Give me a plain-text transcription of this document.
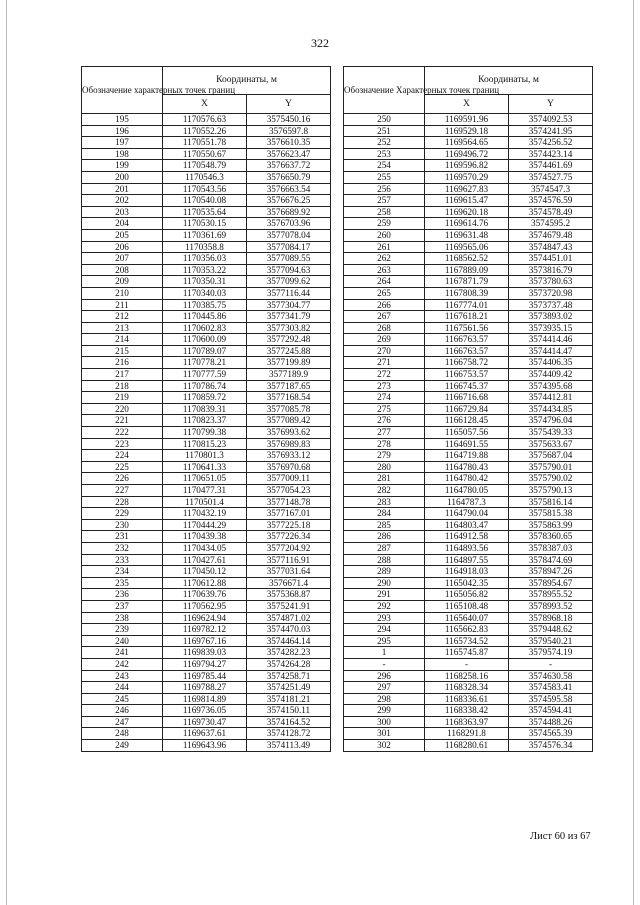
322
Обозначение характерных точек границ	Координаты, м	
	X	Y
195	1170576.63	3575450.16
196	1170552.26	3576597.8
197	1170551.78	3576610.35
198	1170550.67	3576623.47
199	1170548.79	3576637.72
200	1170546.3	3576650.79
201	1170543.56	3576663.54
202	1170540.08	3576676.25
203	1170535.64	3576689.92
204	1170530.15	3576703.96
205	1170361.69	3577078.04
206	1170358.8	3577084.17
207	1170356.03	3577089.55
208	1170353.22	3577094.63
209	1170350.31	3577099.62
210	1170340.03	3577116.44
211	1170385.75	3577304.77
212	1170445.86	3577341.79
213	1170602.83	3577303.82
214	1170600.09	3577292.48
215	1170789.07	3577245.88
216	1170778.21	3577199.89
217	1170777.59	3577189.9
218	1170786.74	3577187.65
219	1170859.72	3577168.54
220	1170839.31	3577085.78
221	1170823.37	3577089.42
222	1170799.38	3576993.62
223	1170815.23	3576989.83
224	1170801.3	3576933.12
225	1170641.33	3576970.68
226	1170651.05	3577009.11
227	1170477.31	3577054.23
228	1170501.4	3577148.78
229	1170432.19	3577167.01
230	1170444.29	3577225.18
231	1170439.38	3577226.34
232	1170434.05	3577204.92
233	1170427.61	3577116.91
234	1170450.12	3577031.64
235	1170612.88	3576671.4
236	1170639.76	3575368.87
237	1170562.95	3575241.91
238	1169624.94	3574871.02
239	1169782.12	3574470.03
240	1169767.16	3574464.14
241	1169839.03	3574282.23
242	1169794.27	3574264.28
243	1169785.44	3574258.71
244	1169788.27	3574251.49
245	1169814.89	3574181.21
246	1169736.05	3574150.11
247	1169730.47	3574164.52
248	1169637.61	3574128.72
249	1169643.96	3574113.49
Обозначение Характерных точек границ	Координаты, м	
	X	Y
250	1169591.96	3574092.53
251	1169529.18	3574241.95
252	1169564.65	3574256.52
253	1169496.72	3574423.14
254	1169596.82	3574461.69
255	1169570.29	3574527.75
256	1169627.83	3574547.3
257	1169615.47	3574576.59
258	1169620.18	3574578.49
259	1169614.76	3574595.2
260	1169631.48	3574679.48
261	1169565.06	3574847.43
262	1168562.52	3574451.01
263	1167889.09	3573816.79
264	1167871.79	3573780.63
265	1167808.39	3573720.98
266	1167774.01	3573737.48
267	1167618.21	3573893.02
268	1167561.56	3573935.15
269	1166763.57	3574414.46
270	1166763.57	3574414.47
271	1166758.72	3574406.35
272	1166753.57	3574409.42
273	1166745.37	3574395.68
274	1166716.68	3574412.81
275	1166729.84	3574434.85
276	1166128.45	3574796.04
277	1165057.56	3575439.33
278	1164691.55	3575633.67
279	1164719.88	3575687.04
280	1164780.43	3575790.01
281	1164780.42	3575790.02
282	1164780.05	3575790.13
283	1164787.3	3575816.14
284	1164790.04	3575815.38
285	1164803.47	3575863.99
286	1164912.58	3578360.65
287	1164893.56	3578387.03
288	1164897.55	3578474.69
289	1164918.03	3578947.26
290	1165042.35	3578954.67
291	1165056.82	3578955.52
292	1165108.48	3578993.52
293	1165640.07	3578968.18
294	1165662.83	3579448.62
295	1165734.52	3579540.21
1	1165745.87	3579574.19
-	-	-
296	1168258.16	3574630.58
297	1168328.34	3574583.41
298	1168336.61	3574595.58
299	1168338.42	3574594.41
300	1168363.97	3574488.26
301	1168291.8	3574565.39
302	1168280.61	3574576.34
Лист 60 из 67
